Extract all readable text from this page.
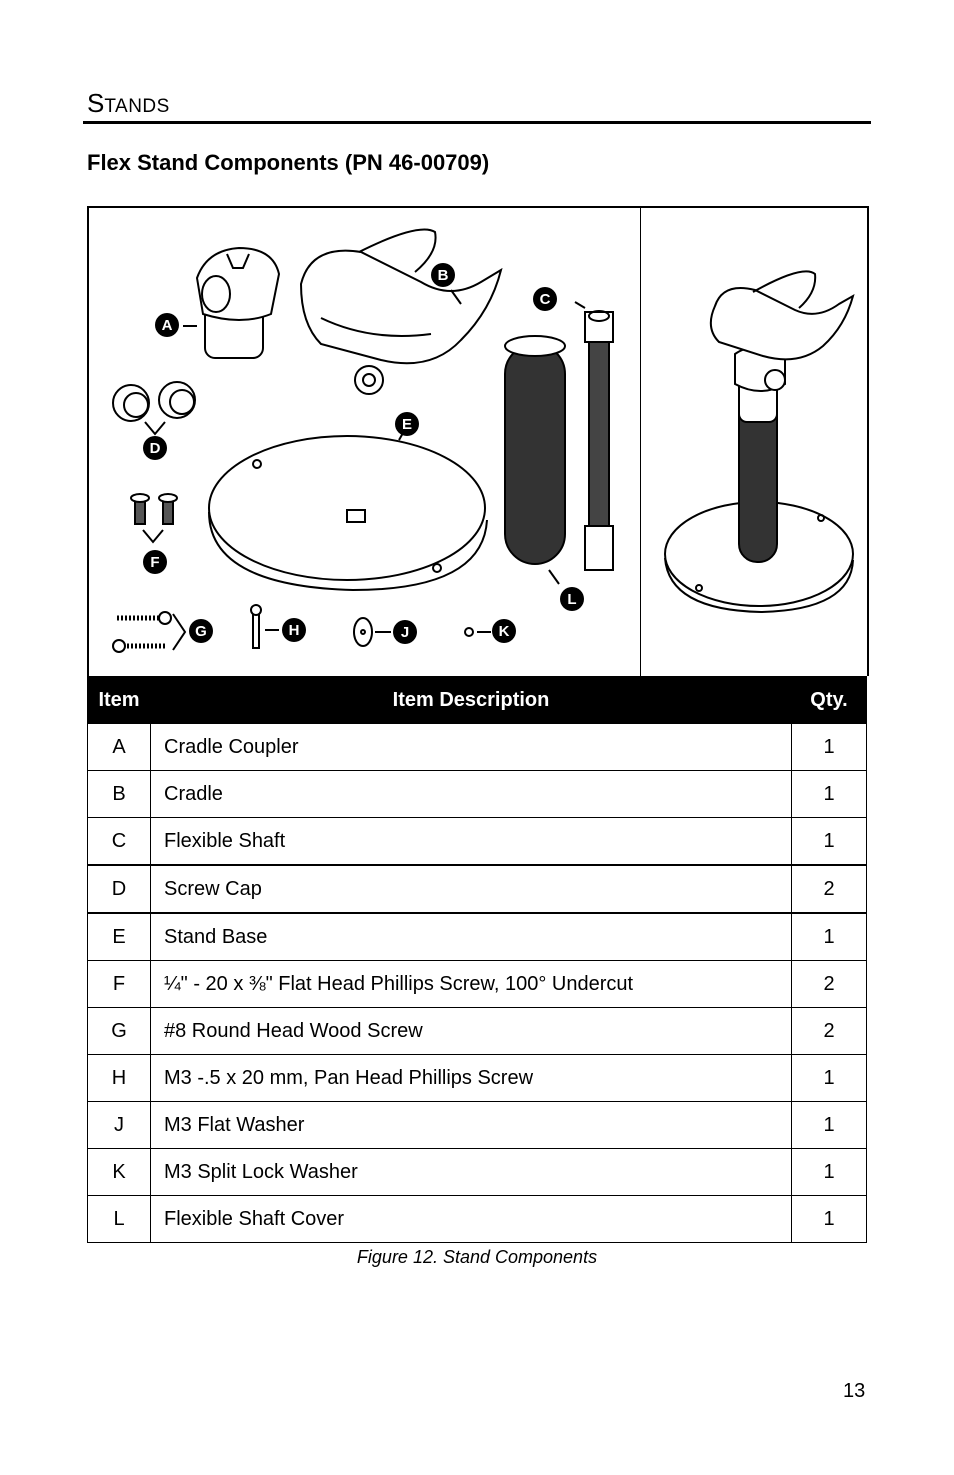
STANDS
Flex Stand Components (PN 46-00709)
A
B
C
D
E
F
G	H	J	K
L
Item	Item Description	Qty.
A	Cradle Coupler	1
B	Cradle	1
C	Flexible Shaft	1
D	Screw Cap	2
E	Stand Base	1
F	¼" - 20 x ⅜" Flat Head Phillips Screw, 100° Undercut	2
G	#8 Round Head Wood Screw	2
H	M3 -.5 x 20 mm, Pan Head Phillips Screw	1
J	M3 Flat Washer	1
K	M3 Split Lock Washer	1
L	Flexible Shaft Cover	1
Figure 12. Stand Components
13
